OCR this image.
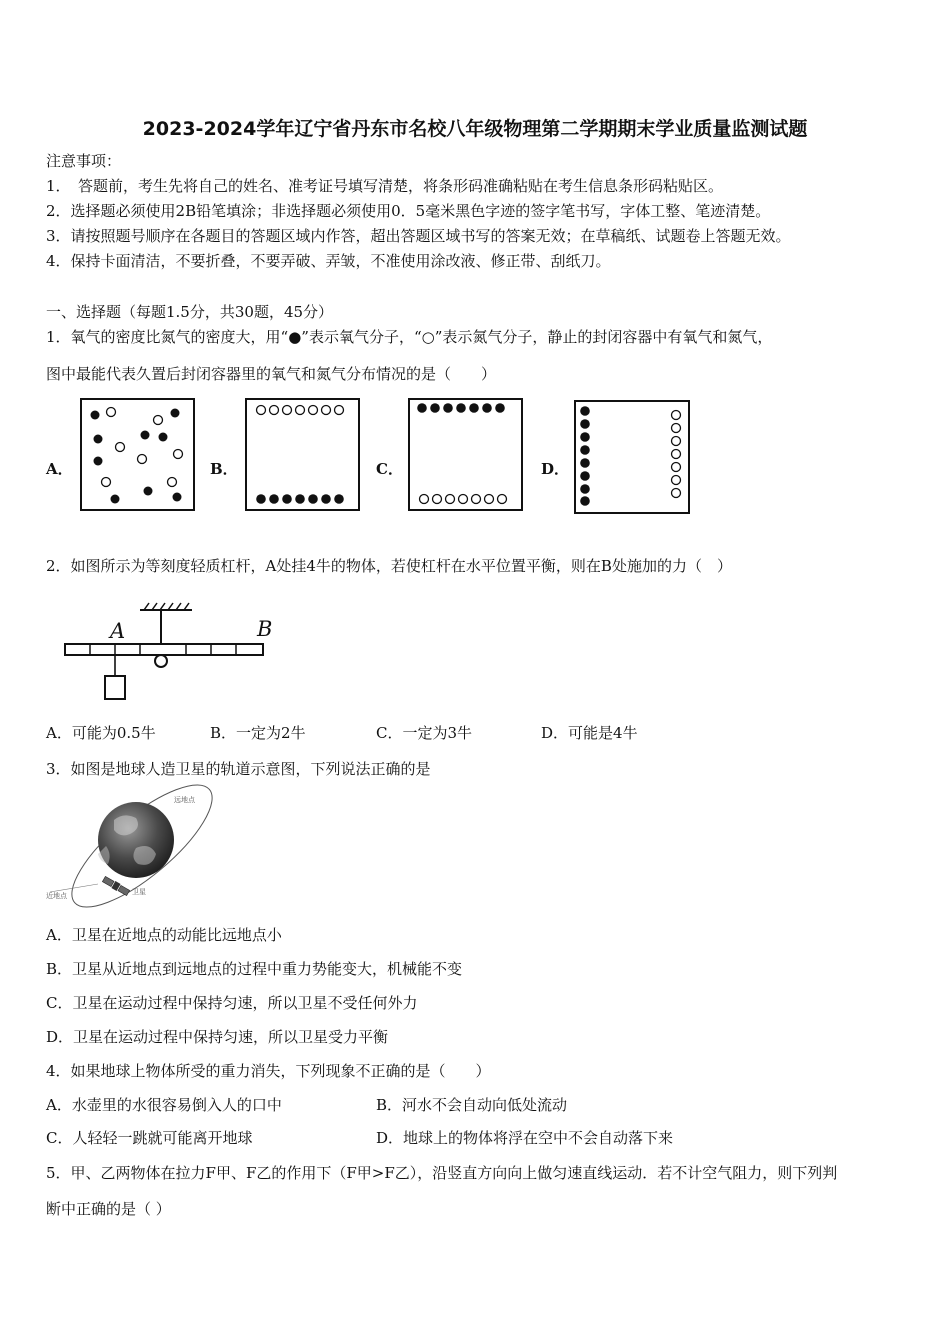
2023-2024学年辽宁省丹东市名校八年级物理第二学期期末学业质量监测试题
注意事项：
1．　答题前，考生先将自己的姓名、准考证号填写清楚，将条形码准确粘贴在考生信息条形码粘贴区。
2．选择题必须使用2B铅笔填涂；非选择题必须使用0．5毫米黑色字迹的签字笔书写，字体工整、笔迹清楚。
3．请按照题号顺序在各题目的答题区域内作答，超出答题区域书写的答案无效；在草稿纸、试题卷上答题无效。
4．保持卡面清洁，不要折叠，不要弄破、弄皱，不准使用涂改液、修正带、刮纸刀。
一、选择题（每题1.5分，共30题，45分）
1．氧气的密度比氮气的密度大，用“●”表示氧气分子，“○”表示氮气分子，静止的封闭容器中有氧气和氮气，
图中最能代表久置后封闭容器里的氧气和氮气分布情况的是（　　）
A．	B．	C．	D．
2．如图所示为等刻度轻质杠杆，A处挂4牛的物体，若使杠杆在水平位置平衡，则在B处施加的力（　）
A	B
A．可能为0.5牛	B．一定为2牛	C．一定为3牛	D．可能是4牛
3．如图是地球人造卫星的轨道示意图，下列说法正确的是
远地点
近地点	卫星
A．卫星在近地点的动能比远地点小
B．卫星从近地点到远地点的过程中重力势能变大，机械能不变
C．卫星在运动过程中保持匀速，所以卫星不受任何外力
D．卫星在运动过程中保持匀速，所以卫星受力平衡
4．如果地球上物体所受的重力消失，下列现象不正确的是（　　）
A．水壶里的水很容易倒入人的口中	B．河水不会自动向低处流动
C．人轻轻一跳就可能离开地球	D．地球上的物体将浮在空中不会自动落下来
5．甲、乙两物体在拉力F甲、F乙的作用下（F甲>F乙），沿竖直方向向上做匀速直线运动．若不计空气阻力，则下列判
断中正确的是（ ）
